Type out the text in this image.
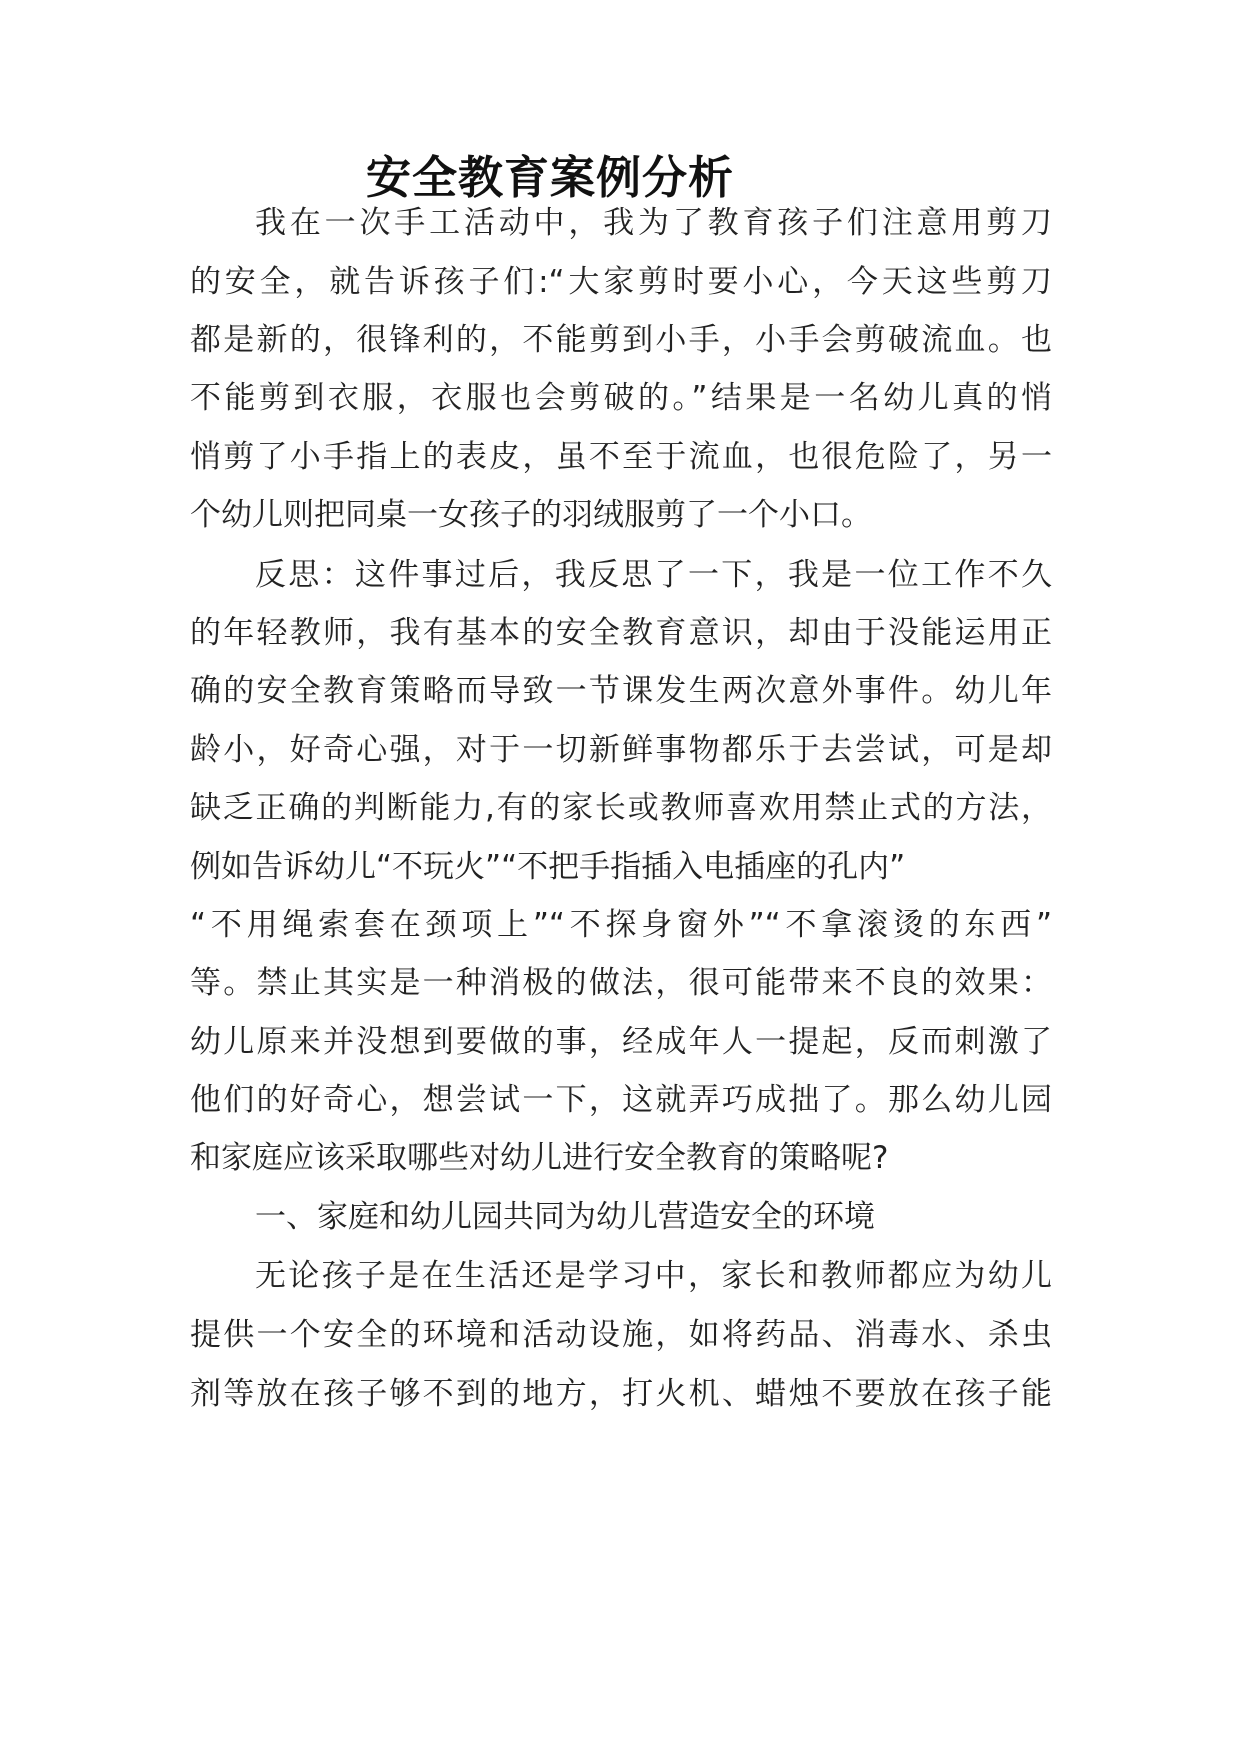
安全教育案例分析
我在一次手工活动中，我为了教育孩子们注意用剪刀
的安全，就告诉孩子们:“大家剪时要小心，今天这些剪刀
都是新的，很锋利的，不能剪到小手，小手会剪破流血。也
不能剪到衣服，衣服也会剪破的。”结果是一名幼儿真的悄
悄剪了小手指上的表皮，虽不至于流血，也很危险了，另一
个幼儿则把同桌一女孩子的羽绒服剪了一个小口。
反思：这件事过后，我反思了一下，我是一位工作不久
的年轻教师，我有基本的安全教育意识，却由于没能运用正
确的安全教育策略而导致一节课发生两次意外事件。幼儿年
龄小，好奇心强，对于一切新鲜事物都乐于去尝试，可是却
缺乏正确的判断能力,有的家长或教师喜欢用禁止式的方法，
例如告诉幼儿“不玩火”“不把手指插入电插座的孔内”
“不用绳索套在颈项上”“不探身窗外”“不拿滚烫的东西”
等。禁止其实是一种消极的做法，很可能带来不良的效果：
幼儿原来并没想到要做的事，经成年人一提起，反而刺激了
他们的好奇心，想尝试一下，这就弄巧成拙了。那么幼儿园
和家庭应该采取哪些对幼儿进行安全教育的策略呢?
一、家庭和幼儿园共同为幼儿营造安全的环境
无论孩子是在生活还是学习中，家长和教师都应为幼儿
提供一个安全的环境和活动设施，如将药品、消毒水、杀虫
剂等放在孩子够不到的地方，打火机、蜡烛不要放在孩子能
